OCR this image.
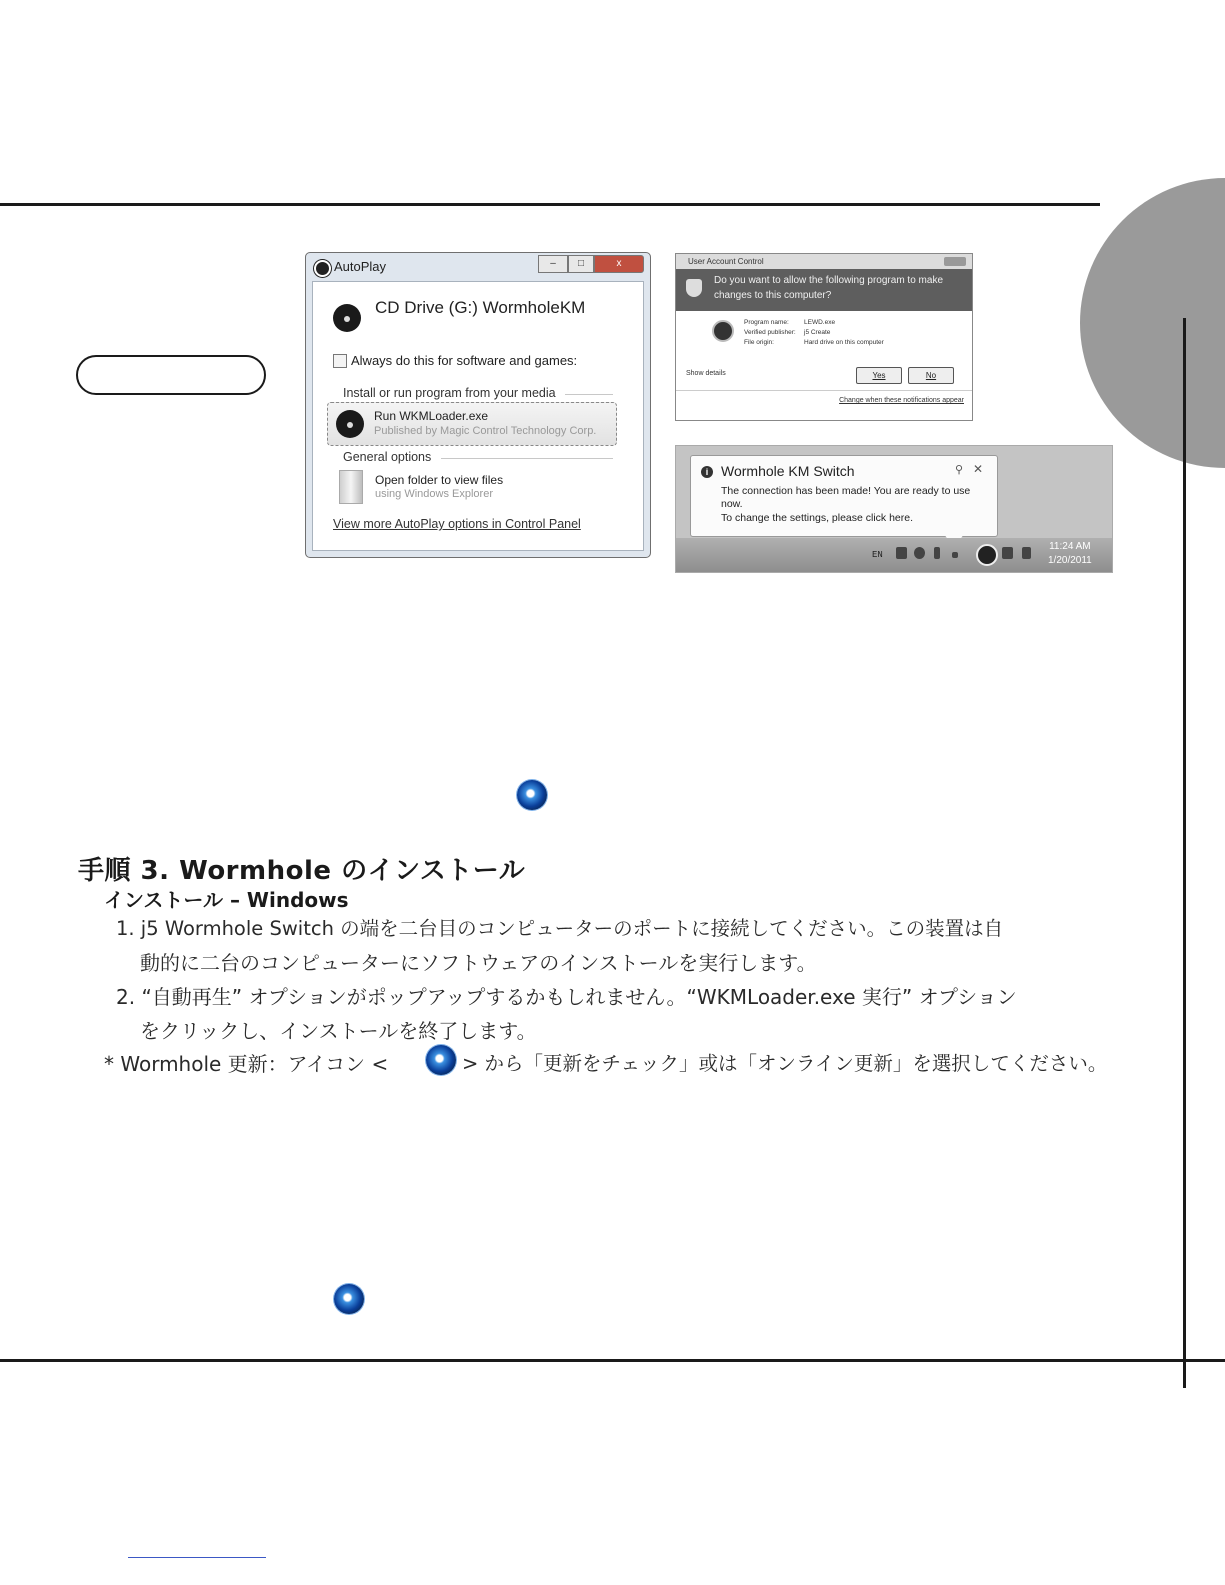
AutoPlay	–	□	x
CD Drive (G:) WormholeKM
Always do this for software and games:
Install or run program from your media
Run WKMLoader.exe
Published by Magic Control Technology Corp.
General options
Open folder to view files
using Windows Explorer
View more AutoPlay options in Control Panel
User Account Control
Do you want to allow the following program to make
changes to this computer?
Program name: LEWD.exe
Verified publisher: j5 Create
File origin:	Hard drive on this computer
Show details	Yes	No
Change when these notifications appear
i Wormhole KM Switch	⚲ ✕
The connection has been made! You are ready to use
now.
To change the settings, please click here.
EN
11:24 AM
1/20/2011
手順 3. Wormhole のインストール
インストール – Windows
1. j5 Wormhole Switch の端を二台目のコンピューターのポートに接続してください。この装置は自
動的に二台のコンピューターにソフトウェアのインストールを実行します。
2. “自動再生” オプションがポップアップするかもしれません。“WKMLoader.exe 実行” オプション
をクリックし、インストールを終了します。
* Wormhole 更新：アイコン <	> から「更新をチェック」或は「オンライン更新」を選択してください。
